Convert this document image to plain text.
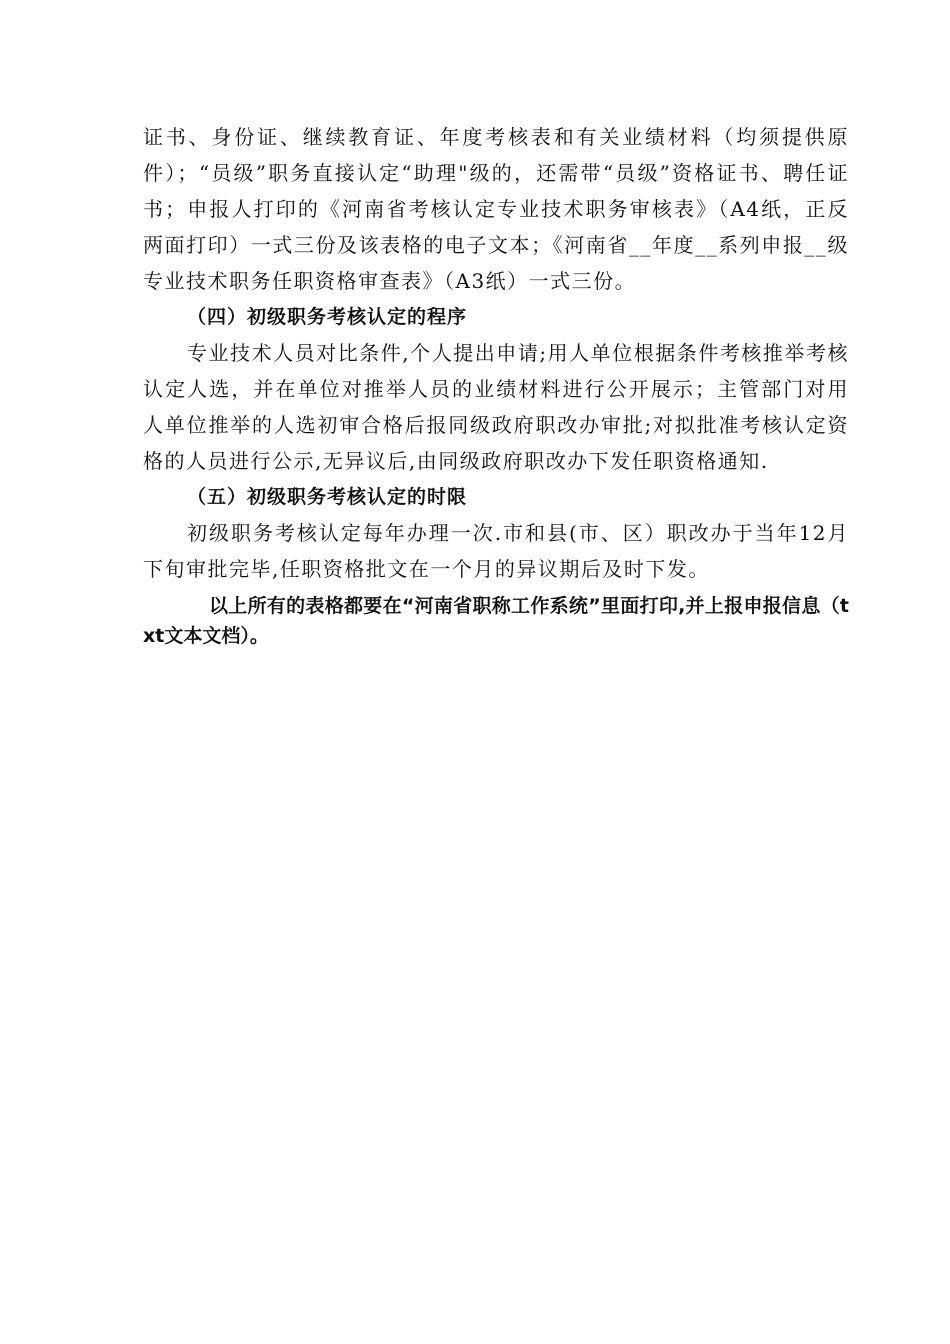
证书、身份证、继续教育证、年度考核表和有关业绩材料（均须提供原件）；“员级”职务直接认定“助理"级的，还需带“员级”资格证书、聘任证书；申报人打印的《河南省考核认定专业技术职务审核表》（A4纸，正反两面打印）一式三份及该表格的电子文本；《河南省__年度__系列申报__级专业技术职务任职资格审查表》（A3纸）一式三份。

（四）初级职务考核认定的程序

专业技术人员对比条件,个人提出申请;用人单位根据条件考核推举考核认定人选，并在单位对推举人员的业绩材料进行公开展示；主管部门对用人单位推举的人选初审合格后报同级政府职改办审批;对拟批准考核认定资格的人员进行公示,无异议后,由同级政府职改办下发任职资格通知.

（五）初级职务考核认定的时限

初级职务考核认定每年办理一次.市和县(市、区）职改办于当年12月下旬审批完毕,任职资格批文在一个月的异议期后及时下发。

以上所有的表格都要在“河南省职称工作系统”里面打印,并上报申报信息（txt文本文档）。
